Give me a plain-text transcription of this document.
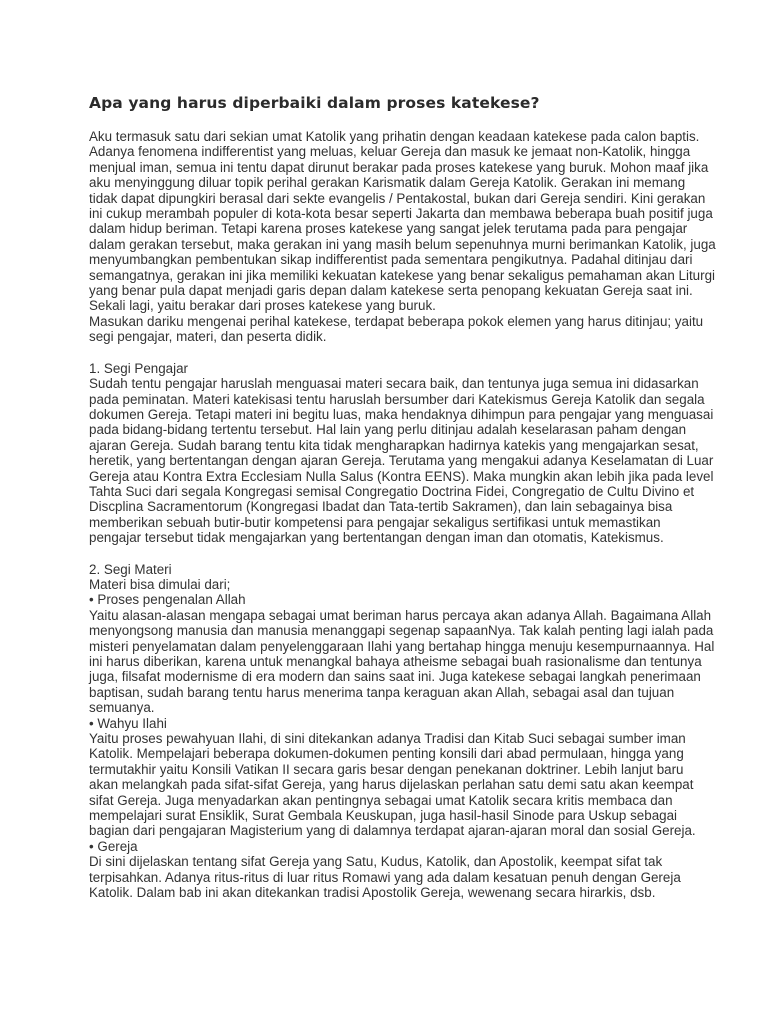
Apa yang harus diperbaiki dalam proses katekese?
Aku termasuk satu dari sekian umat Katolik yang prihatin dengan keadaan katekese pada calon baptis.
Adanya fenomena indifferentist yang meluas, keluar Gereja dan masuk ke jemaat non-Katolik, hingga
menjual iman, semua ini tentu dapat dirunut berakar pada proses katekese yang buruk. Mohon maaf jika
aku menyinggung diluar topik perihal gerakan Karismatik dalam Gereja Katolik. Gerakan ini memang
tidak dapat dipungkiri berasal dari sekte evangelis / Pentakostal, bukan dari Gereja sendiri. Kini gerakan
ini cukup merambah populer di kota-kota besar seperti Jakarta dan membawa beberapa buah positif juga
dalam hidup beriman. Tetapi karena proses katekese yang sangat jelek terutama pada para pengajar
dalam gerakan tersebut, maka gerakan ini yang masih belum sepenuhnya murni berimankan Katolik, juga
menyumbangkan pembentukan sikap indifferentist pada sementara pengikutnya. Padahal ditinjau dari
semangatnya, gerakan ini jika memiliki kekuatan katekese yang benar sekaligus pemahaman akan Liturgi
yang benar pula dapat menjadi garis depan dalam katekese serta penopang kekuatan Gereja saat ini.
Sekali lagi, yaitu berakar dari proses katekese yang buruk.
Masukan dariku mengenai perihal katekese, terdapat beberapa pokok elemen yang harus ditinjau; yaitu
segi pengajar, materi, dan peserta didik.
1. Segi Pengajar
Sudah tentu pengajar haruslah menguasai materi secara baik, dan tentunya juga semua ini didasarkan
pada peminatan. Materi katekisasi tentu haruslah bersumber dari Katekismus Gereja Katolik dan segala
dokumen Gereja. Tetapi materi ini begitu luas, maka hendaknya dihimpun para pengajar yang menguasai
pada bidang-bidang tertentu tersebut. Hal lain yang perlu ditinjau adalah keselarasan paham dengan
ajaran Gereja. Sudah barang tentu kita tidak mengharapkan hadirnya katekis yang mengajarkan sesat,
heretik, yang bertentangan dengan ajaran Gereja. Terutama yang mengakui adanya Keselamatan di Luar
Gereja atau Kontra Extra Ecclesiam Nulla Salus (Kontra EENS). Maka mungkin akan lebih jika pada level
Tahta Suci dari segala Kongregasi semisal Congregatio Doctrina Fidei, Congregatio de Cultu Divino et
Discplina Sacramentorum (Kongregasi Ibadat dan Tata-tertib Sakramen), dan lain sebagainya bisa
memberikan sebuah butir-butir kompetensi para pengajar sekaligus sertifikasi untuk memastikan
pengajar tersebut tidak mengajarkan yang bertentangan dengan iman dan otomatis, Katekismus.
2. Segi Materi
Materi bisa dimulai dari;
• Proses pengenalan Allah
Yaitu alasan-alasan mengapa sebagai umat beriman harus percaya akan adanya Allah. Bagaimana Allah
menyongsong manusia dan manusia menanggapi segenap sapaanNya. Tak kalah penting lagi ialah pada
misteri penyelamatan dalam penyelenggaraan Ilahi yang bertahap hingga menuju kesempurnaannya. Hal
ini harus diberikan, karena untuk menangkal bahaya atheisme sebagai buah rasionalisme dan tentunya
juga, filsafat modernisme di era modern dan sains saat ini. Juga katekese sebagai langkah penerimaan
baptisan, sudah barang tentu harus menerima tanpa keraguan akan Allah, sebagai asal dan tujuan
semuanya.
• Wahyu Ilahi
Yaitu proses pewahyuan Ilahi, di sini ditekankan adanya Tradisi dan Kitab Suci sebagai sumber iman
Katolik. Mempelajari beberapa dokumen-dokumen penting konsili dari abad permulaan, hingga yang
termutakhir yaitu Konsili Vatikan II secara garis besar dengan penekanan doktriner. Lebih lanjut baru
akan melangkah pada sifat-sifat Gereja, yang harus dijelaskan perlahan satu demi satu akan keempat
sifat Gereja. Juga menyadarkan akan pentingnya sebagai umat Katolik secara kritis membaca dan
mempelajari surat Ensiklik, Surat Gembala Keuskupan, juga hasil-hasil Sinode para Uskup sebagai
bagian dari pengajaran Magisterium yang di dalamnya terdapat ajaran-ajaran moral dan sosial Gereja.
• Gereja
Di sini dijelaskan tentang sifat Gereja yang Satu, Kudus, Katolik, dan Apostolik, keempat sifat tak
terpisahkan. Adanya ritus-ritus di luar ritus Romawi yang ada dalam kesatuan penuh dengan Gereja
Katolik. Dalam bab ini akan ditekankan tradisi Apostolik Gereja, wewenang secara hirarkis, dsb.
